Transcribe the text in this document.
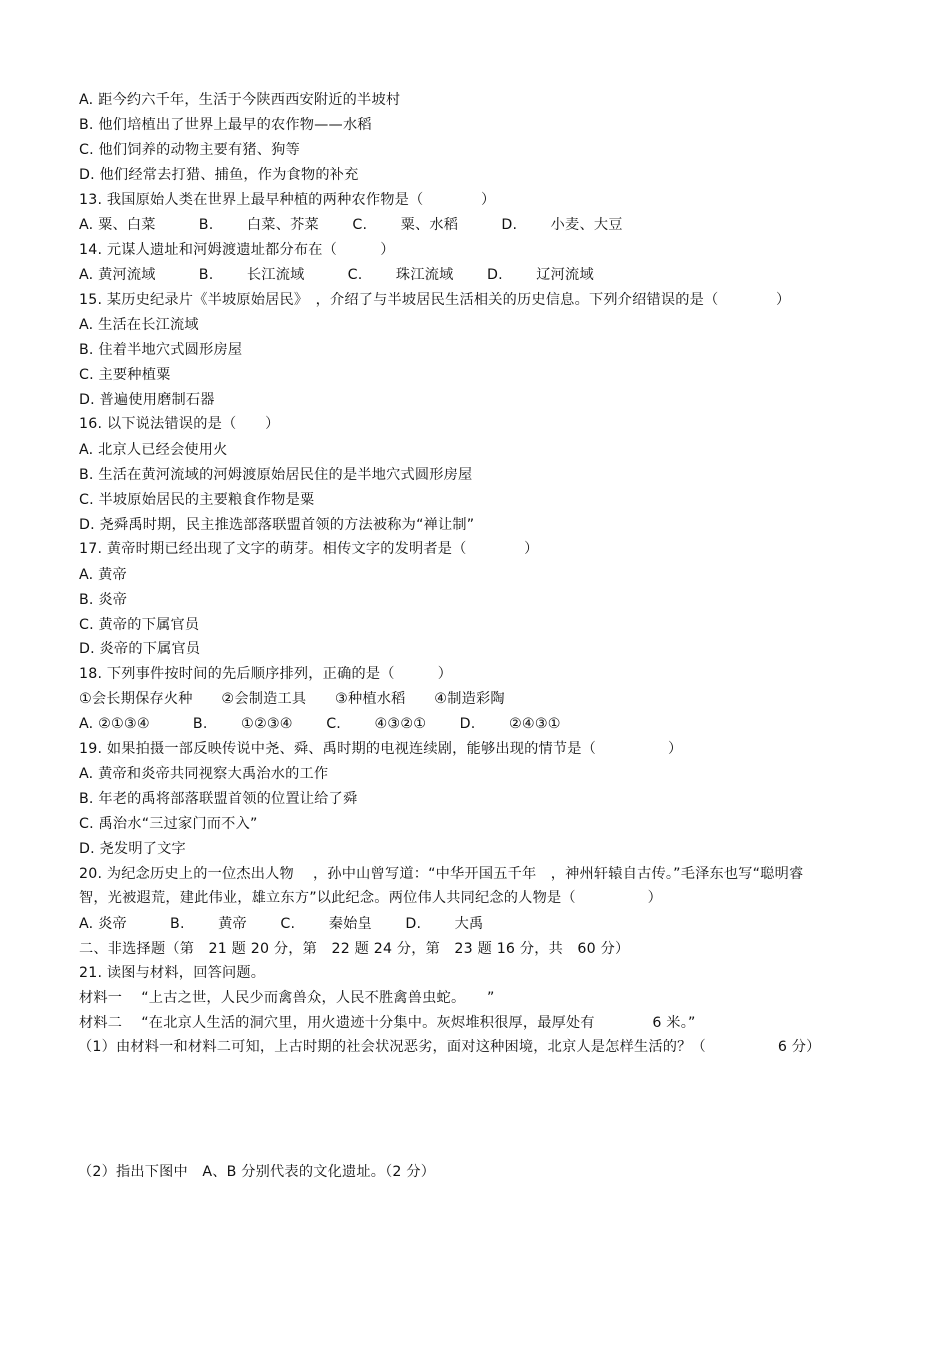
A. 距今约六千年，生活于今陕西西安附近的半坡村
B. 他们培植出了世界上最早的农作物——水稻
C. 他们饲养的动物主要有猪、狗等
D. 他们经常去打猎、捕鱼，作为食物的补充
13. 我国原始人类在世界上最早种植的两种农作物是（　　　　）
A. 粟、白菜　　　B.　　 白菜、芥菜　　 C.　　 粟、水稻　　　D.　　 小麦、大豆
14. 元谋人遗址和河姆渡遗址都分布在（　　　）
A. 黄河流域　　　B.　　 长江流域　　　C.　　 珠江流域　　 D.　　 辽河流域
15. 某历史纪录片《半坡原始居民》　，介绍了与半坡居民生活相关的历史信息。下列介绍错误的是（　　　　）
A. 生活在长江流域
B. 住着半地穴式圆形房屋
C. 主要种植粟
D. 普遍使用磨制石器
16. 以下说法错误的是（　　）
A. 北京人已经会使用火
B. 生活在黄河流域的河姆渡原始居民住的是半地穴式圆形房屋
C. 半坡原始居民的主要粮食作物是粟
D. 尧舜禹时期，民主推选部落联盟首领的方法被称为“禅让制”
17. 黄帝时期已经出现了文字的萌芽。相传文字的发明者是（　　　　）
A. 黄帝
B. 炎帝
C. 黄帝的下属官员
D. 炎帝的下属官员
18. 下列事件按时间的先后顺序排列，正确的是（　　　）
①会长期保存火种　　②会制造工具　　③种植水稻　　④制造彩陶
A. ②①③④　　　B.　　 ①②③④　　 C.　　 ④③②①　　 D.　　 ②④③①
19. 如果拍摄一部反映传说中尧、舜、禹时期的电视连续剧，能够出现的情节是（　　　　　）
A. 黄帝和炎帝共同视察大禹治水的工作
B. 年老的禹将部落联盟首领的位置让给了舜
C. 禹治水“三过家门而不入”
D. 尧发明了文字
20. 为纪念历史上的一位杰出人物　 ，孙中山曾写道：“中华开国五千年　，神州轩辕自古传。”毛泽东也写“聪明睿
智，光被遐荒，建此伟业，雄立东方”以此纪念。两位伟人共同纪念的人物是（　　　　　）
A. 炎帝　　　B.　　 黄帝　　 C.　　 秦始皇　　 D.　　 大禹
二、非选择题（第　21 题 20 分，第　22 题 24 分，第　23 题 16 分，共　60 分）
21. 读图与材料，回答问题。
材料一　 “上古之世，人民少而禽兽众，人民不胜禽兽虫蛇。　　”
材料二　 “在北京人生活的洞穴里，用火遗迹十分集中。灰烬堆积很厚，最厚处有　　　　6 米。”
（1）由材料一和材料二可知，上古时期的社会状况恶劣，面对这种困境，北京人是怎样生活的？（　　　　　6 分）
（2）指出下图中　A、B 分别代表的文化遗址。（2 分）
